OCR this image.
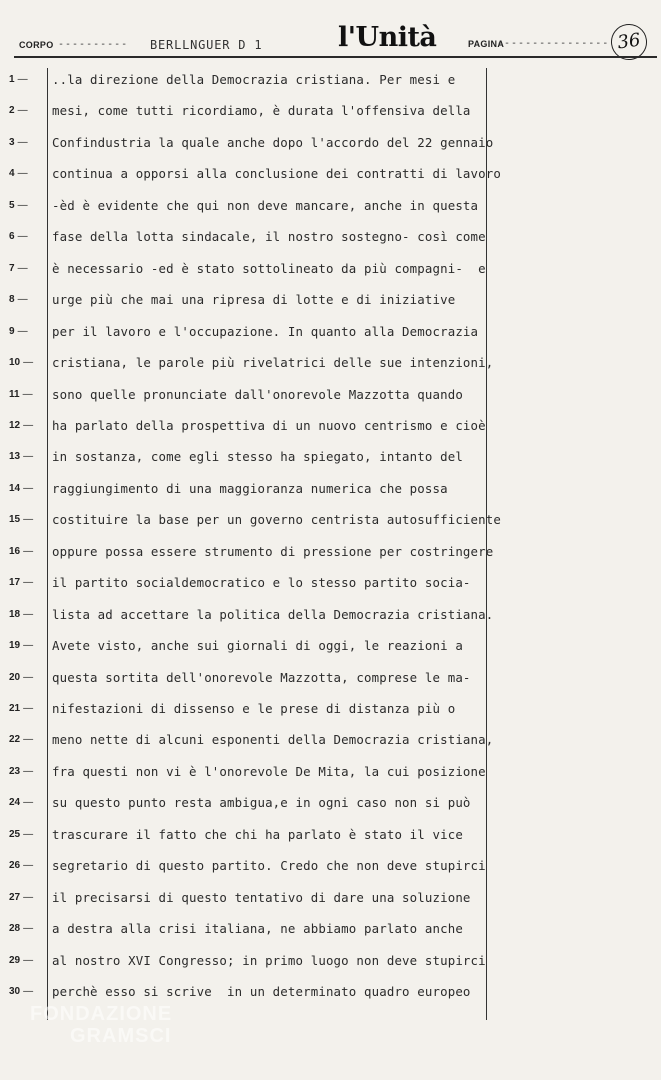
CORPO ---------- BERLLNGUER D 1	l'Unità	PAGINA
---------------- 36
1 —	..la direzione della Democrazia cristiana. Per mesi e
2 —	mesi, come tutti ricordiamo, è durata l'offensiva della
3 —	Confindustria la quale anche dopo l'accordo del 22 gennaio
4 —	continua a opporsi alla conclusione dei contratti di lavoro
5 —	-èd è evidente che qui non deve mancare, anche in questa
6 —	fase della lotta sindacale, il nostro sostegno- così come
7 —	è necessario -ed è stato sottolineato da più compagni-  e
8 —	urge più che mai una ripresa di lotte e di iniziative
9 —	per il lavoro e l'occupazione. In quanto alla Democrazia
10 —	cristiana, le parole più rivelatrici delle sue intenzioni,
11 —	sono quelle pronunciate dall'onorevole Mazzotta quando
12 —	ha parlato della prospettiva di un nuovo centrismo e cioè
13 —	in sostanza, come egli stesso ha spiegato, intanto del
14 —	raggiungimento di una maggioranza numerica che possa
15 —	costituire la base per un governo centrista autosufficiente
16 —	oppure possa essere strumento di pressione per costringere
17 —	il partito socialdemocratico e lo stesso partito socia-
18 —	lista ad accettare la politica della Democrazia cristiana.
19 —	Avete visto, anche sui giornali di oggi, le reazioni a
20 —	questa sortita dell'onorevole Mazzotta, comprese le ma-
21 —	nifestazioni di dissenso e le prese di distanza più o
22 —	meno nette di alcuni esponenti della Democrazia cristiana,
23 —	fra questi non vi è l'onorevole De Mita, la cui posizione
24 —	su questo punto resta ambigua,e in ogni caso non si può
25 —	trascurare il fatto che chi ha parlato è stato il vice
26 —	segretario di questo partito. Credo che non deve stupirci
27 —	il precisarsi di questo tentativo di dare una soluzione
28 —	a destra alla crisi italiana, ne abbiamo parlato anche
29 —	al nostro XVI Congresso; in primo luogo non deve stupirci
30 —	perchè esso si scrive  in un determinato quadro europeo
FONDAZIONE
GRAMSCI
